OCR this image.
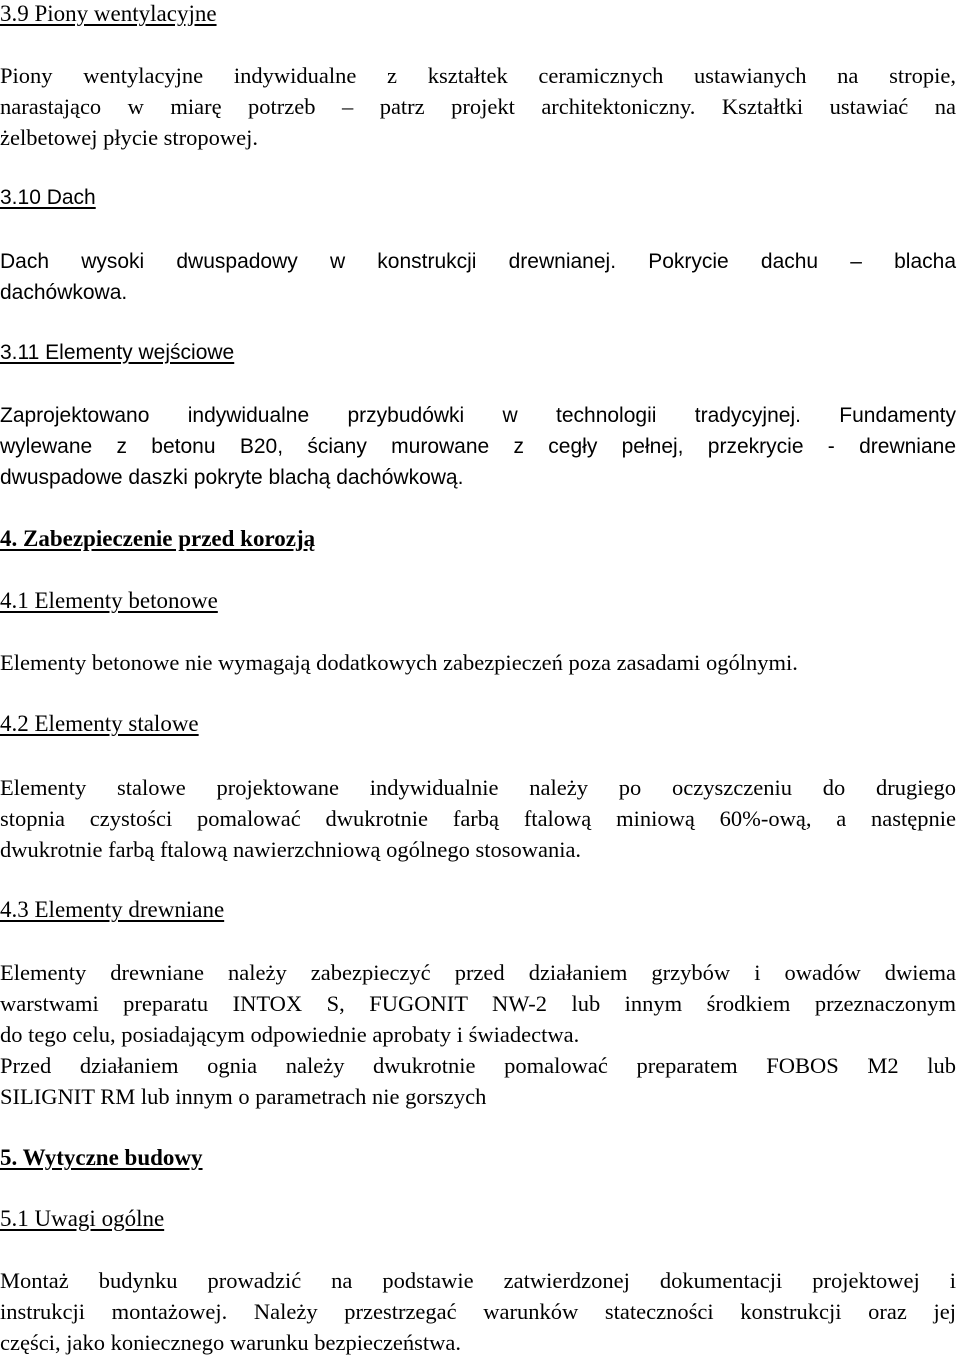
3.9 Piony wentylacyjne
Piony wentylacyjne indywidualne z kształtek ceramicznych ustawianych na stropie,
narastająco w miarę potrzeb – patrz projekt architektoniczny. Kształtki ustawiać na
żelbetowej płycie stropowej.
3.10 Dach
Dach wysoki dwuspadowy w konstrukcji drewnianej. Pokrycie dachu – blacha
dachówkowa.
3.11 Elementy wejściowe
Zaprojektowano indywidualne przybudówki w technologii tradycyjnej. Fundamenty
wylewane z betonu B20, ściany murowane z cegły pełnej, przekrycie - drewniane
dwuspadowe daszki pokryte blachą dachówkową.
4. Zabezpieczenie przed korozją
4.1 Elementy betonowe
Elementy betonowe nie wymagają dodatkowych zabezpieczeń poza zasadami ogólnymi.
4.2 Elementy stalowe
Elementy stalowe projektowane indywidualnie należy po oczyszczeniu do drugiego
stopnia czystości pomalować dwukrotnie farbą ftalową miniową 60%-ową, a następnie
dwukrotnie farbą ftalową nawierzchniową ogólnego stosowania.
4.3 Elementy drewniane
Elementy drewniane należy zabezpieczyć przed działaniem grzybów i owadów dwiema
warstwami preparatu INTOX S, FUGONIT NW-2 lub innym środkiem przeznaczonym
do tego celu, posiadającym odpowiednie aprobaty i świadectwa.
Przed działaniem ognia należy dwukrotnie pomalować preparatem FOBOS M2 lub
SILIGNIT RM lub innym o parametrach nie gorszych
5. Wytyczne budowy
5.1 Uwagi ogólne
Montaż budynku prowadzić na podstawie zatwierdzonej dokumentacji projektowej i
instrukcji montażowej. Należy przestrzegać warunków stateczności konstrukcji oraz jej
części, jako koniecznego warunku bezpieczeństwa.
